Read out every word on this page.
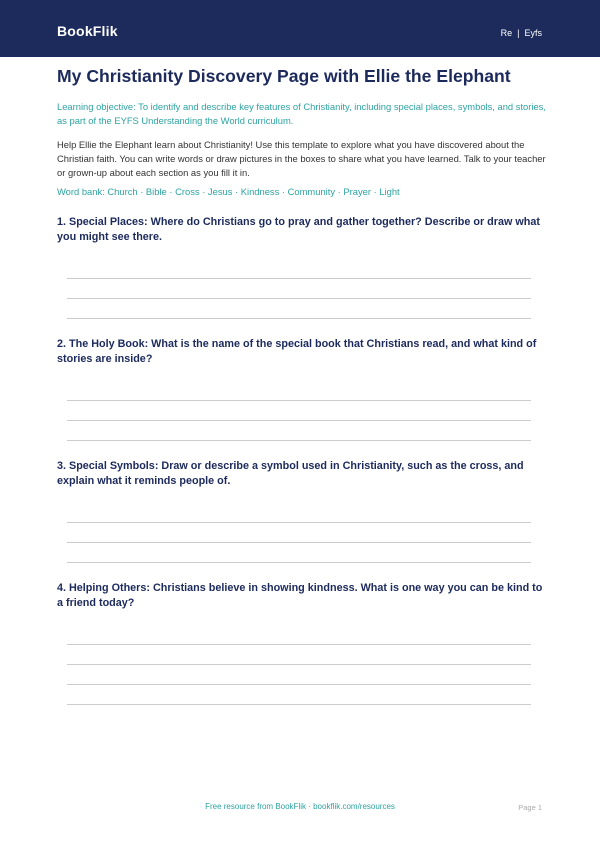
BookFlik	Re | Eyfs
My Christianity Discovery Page with Ellie the Elephant
Learning objective: To identify and describe key features of Christianity, including special places, symbols, and stories, as part of the EYFS Understanding the World curriculum.
Help Ellie the Elephant learn about Christianity! Use this template to explore what you have discovered about the Christian faith. You can write words or draw pictures in the boxes to share what you have learned. Talk to your teacher or grown-up about each section as you fill it in.
Word bank: Church · Bible · Cross · Jesus · Kindness · Community · Prayer · Light
1. Special Places: Where do Christians go to pray and gather together? Describe or draw what you might see there.
2. The Holy Book: What is the name of the special book that Christians read, and what kind of stories are inside?
3. Special Symbols: Draw or describe a symbol used in Christianity, such as the cross, and explain what it reminds people of.
4. Helping Others: Christians believe in showing kindness. What is one way you can be kind to a friend today?
Free resource from BookFlik · bookflik.com/resources	Page 1
